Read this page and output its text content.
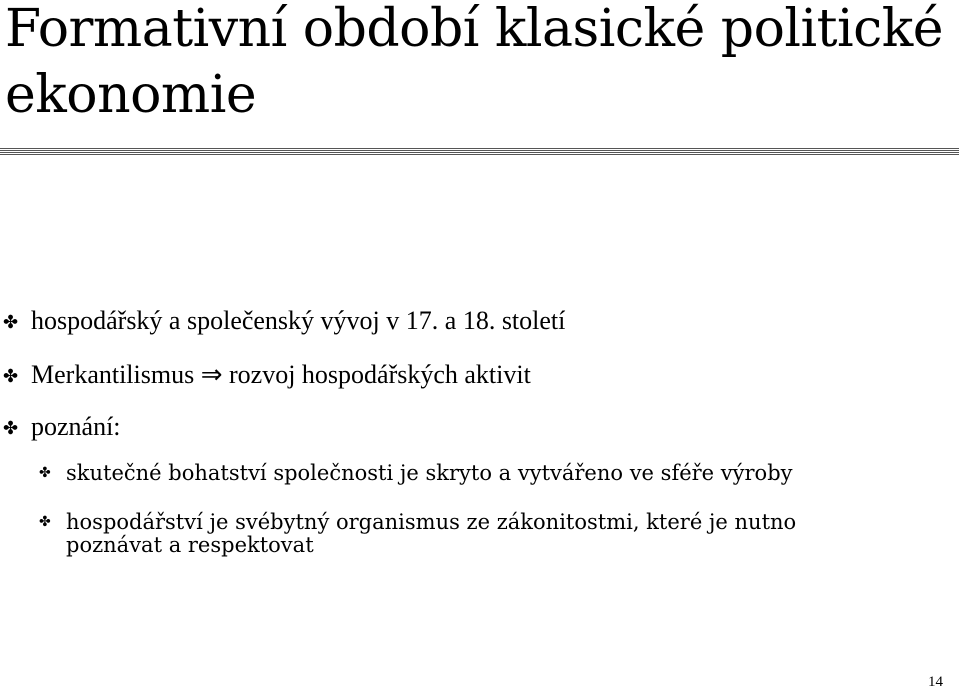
Formativní období klasické politické ekonomie
✤ hospodářský a společenský vývoj v 17. a 18. století
✤ Merkantilismus ⇒ rozvoj hospodářských aktivit
✤ poznání:
✤ skutečné bohatství společnosti je skryto a vytvářeno ve sféře výroby
✤ hospodářství je svébytný organismus ze zákonitostmi, které je nutno poznávat a respektovat
14
